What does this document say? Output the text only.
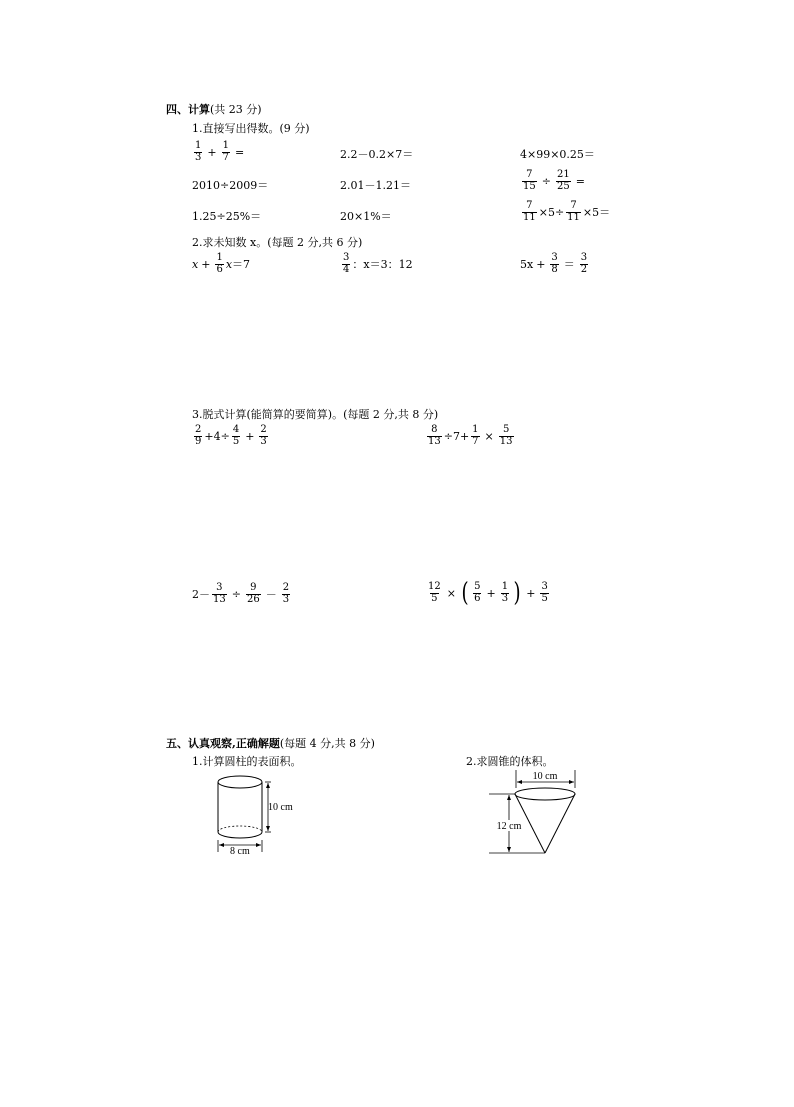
四、计算(共 23 分)
1.直接写出得数。(9 分)
$\frac{1}{3} + \frac{1}{7}$ =	2.2－0.2×7＝	4×99×0.25＝
2010÷2009＝	2.01－1.21＝	$\frac{7}{15} \div \frac{21}{25}$ =
1.25÷25%＝	20×1%＝	$\frac{7}{11} \times 5\div \frac{7}{11} \times 5=$
2.求未知数 x。(每题 2 分,共 6 分)
$x + \frac{1}{6}$ x ＝7	$\frac{3}{4}$ ：x＝3：12	$5x + \frac{3}{8} = \frac{3}{2}$
3.脱式计算(能简算的要简算)。(每题 2 分,共 8 分)
$\frac{2}{9} +4\div \frac{4}{5} + \frac{2}{3}$	$\frac{8}{13} \div 7+ \frac{1}{7} \times \frac{5}{13}$
$2- \frac{3}{13} \div \frac{9}{26} - \frac{2}{3}$	$\frac{12}{5}$ × ( $\frac{5}{6} + \frac{1}{3}$ ) + $\frac{3}{5}$
五、认真观察,正确解题(每题 4 分,共 8 分)
1.计算圆柱的表面积。	2.求圆锥的体积。
10 cm
8 cm
10 cm
12 cm
